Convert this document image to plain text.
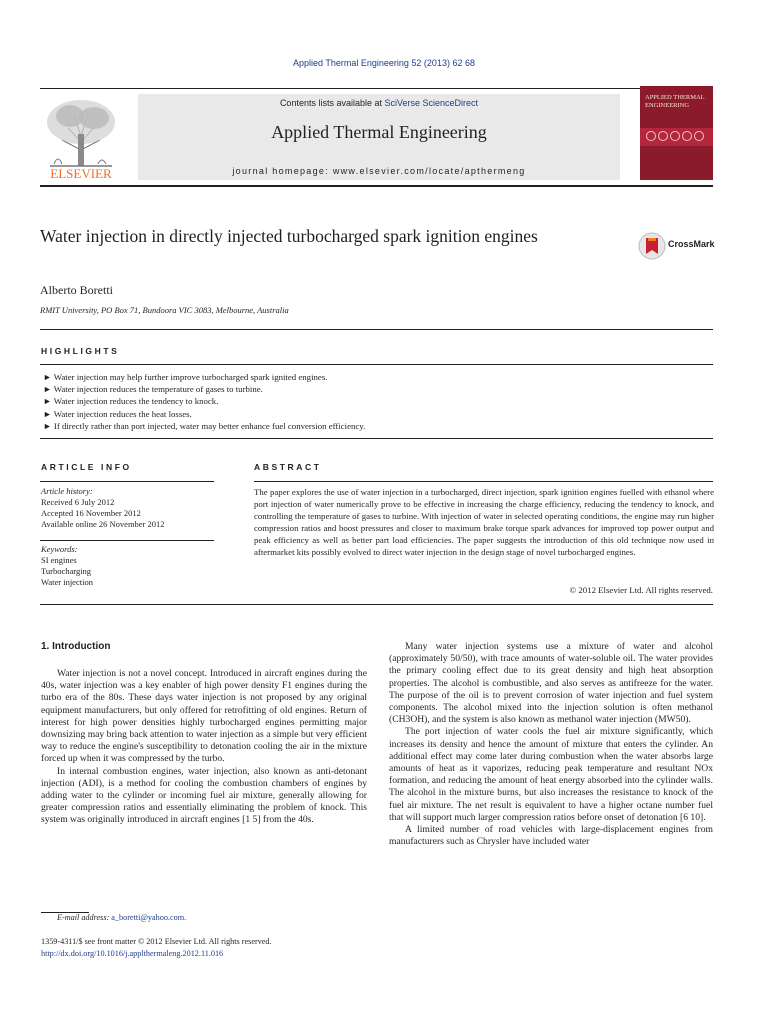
Applied Thermal Engineering 52 (2013) 62 68
ELSEVIER
Contents lists available at SciVerse ScienceDirect
Applied Thermal Engineering
journal homepage: www.elsevier.com/locate/apthermeng
APPLIED THERMAL ENGINEERING
Water injection in directly injected turbocharged spark ignition engines	CrossMark
Alberto Boretti
RMIT University, PO Box 71, Bundoora VIC 3083, Melbourne, Australia
HIGHLIGHTS
► Water injection may help further improve turbocharged spark ignited engines.
► Water injection reduces the temperature of gases to turbine.
► Water injection reduces the tendency to knock.
► Water injection reduces the heat losses.
► If directly rather than port injected, water may better enhance fuel conversion efficiency.
ARTICLE INFO
Article history:
Received 6 July 2012
Accepted 16 November 2012
Available online 26 November 2012
Keywords:
SI engines
Turbocharging
Water injection
ABSTRACT
The paper explores the use of water injection in a turbocharged, direct injection, spark ignition engines fuelled with ethanol where port injection of water numerically prove to be effective in increasing the charge efficiency, reducing the tendency to knock, and controlling the temperature of gases to turbine. With injection of water in selected operating conditions, the engine may run higher compression ratios and boost pressures and closer to maximum brake torque spark advances for improved top power output and peak efficiency as well as better part load efficiencies. The paper suggests the introduction of this old technique now used in aftermarket kits possibly evolved to direct water injection in the design stage of novel turbocharged engines.
© 2012 Elsevier Ltd. All rights reserved.
1. Introduction

Water injection is not a novel concept. Introduced in aircraft engines during the 40s, water injection was a key enabler of high power density F1 engines during the turbo era of the 80s. These days water injection is not proposed by any original equipment manufacturers, but only offered for retrofitting of old engines. Return of interest for high power densities highly turbocharged engines permitting major downsizing may bring back attention to water injection as a simple but very efficient way to reduce the engine's susceptibility to detonation cooling the air in the mixture forced up when it was compressed by the turbo.

In internal combustion engines, water injection, also known as anti-detonant injection (ADI), is a method for cooling the combustion chambers of engines by adding water to the cylinder or incoming fuel air mixture, generally allowing for greater compression ratios and essentially eliminating the problem of knock. This system was originally introduced in aircraft engines [1 5] from the 40s.

Many water injection systems use a mixture of water and alcohol (approximately 50/50), with trace amounts of water-soluble oil. The water provides the primary cooling effect due to its great density and high heat absorption properties. The alcohol is combustible, and also serves as antifreeze for the water. The purpose of the oil is to prevent corrosion of water injection and fuel system components. The alcohol mixed into the injection solution is often methanol (CH3OH), and the system is also known as methanol water injection (MW50).

The port injection of water cools the fuel air mixture significantly, which increases its density and hence the amount of mixture that enters the cylinder. An additional effect may come later during combustion when the water absorbs large amounts of heat as it vaporizes, reducing peak temperature and resultant NOx formation, and reducing the amount of heat energy absorbed into the cylinder walls. The alcohol in the mixture burns, but also increases the resistance to knock of the fuel air mixture. The net result is equivalent to have a higher octane number fuel that will support much larger compression ratios before onset of detonation [6 10].

A limited number of road vehicles with large-displacement engines from manufacturers such as Chrysler have included water

E-mail address: a_boretti@yahoo.com.
1359-4311/$ see front matter © 2012 Elsevier Ltd. All rights reserved.
http://dx.doi.org/10.1016/j.applthermaleng.2012.11.016
